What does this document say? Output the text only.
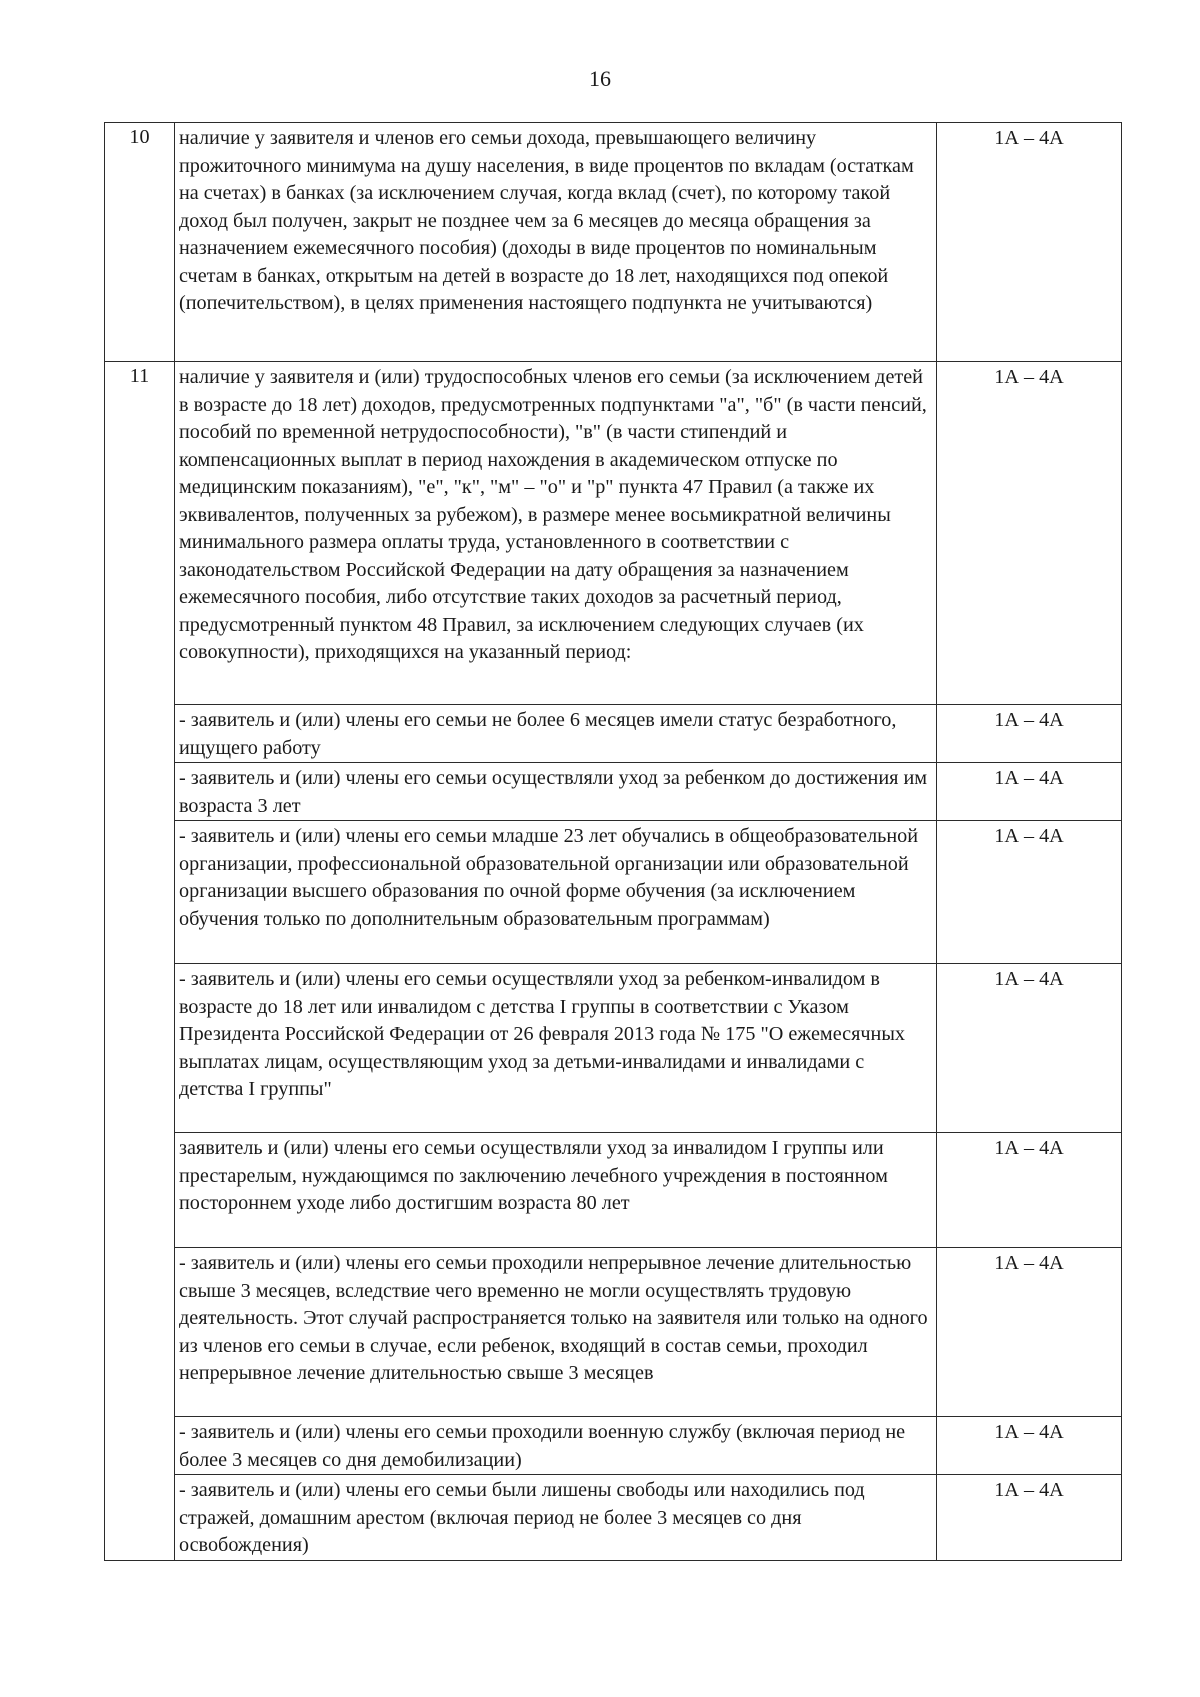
16
10	наличие у заявителя и членов его семьи дохода, превышающего величину прожиточного минимума на душу населения, в виде процентов по вкладам (остаткам на счетах) в банках (за исключением случая, когда вклад (счет), по которому такой доход был получен, закрыт не позднее чем за 6 месяцев до месяца обращения за назначением ежемесячного пособия) (доходы в виде процентов по номинальным счетам в банках, открытым на детей в возрасте до 18 лет, находящихся под опекой (попечительством), в целях применения настоящего подпункта не учитываются)	1А – 4А
11	наличие у заявителя и (или) трудоспособных членов его семьи (за исключением детей в возрасте до 18 лет) доходов, предусмотренных подпунктами "а", "б" (в части пенсий, пособий по временной нетрудоспособности), "в" (в части стипендий и компенсационных выплат в период нахождения в академическом отпуске по медицинским показаниям), "е", "к", "м" – "о" и "р" пункта 47 Правил (а также их эквивалентов, полученных за рубежом), в размере менее восьмикратной величины минимального размера оплаты труда, установленного в соответствии с законодательством Российской Федерации на дату обращения за назначением ежемесячного пособия, либо отсутствие таких доходов за расчетный период, предусмотренный пунктом 48 Правил, за исключением следующих случаев (их совокупности), приходящихся на указанный период:	1А – 4А
	- заявитель и (или) члены его семьи не более 6 месяцев имели статус безработного, ищущего работу	1А – 4А
	- заявитель и (или) члены его семьи осуществляли уход за ребенком до достижения им возраста 3 лет	1А – 4А
	- заявитель и (или) члены его семьи младше 23 лет обучались в общеобразовательной организации, профессиональной образовательной организации или образовательной организации высшего образования по очной форме обучения (за исключением обучения только по дополнительным образовательным программам)	1А – 4А
	- заявитель и (или) члены его семьи осуществляли уход за ребенком-инвалидом в возрасте до 18 лет или инвалидом с детства I группы в соответствии с Указом Президента Российской Федерации от 26 февраля 2013 года № 175 "О ежемесячных выплатах лицам, осуществляющим уход за детьми-инвалидами и инвалидами с детства I группы"	1А – 4А
	заявитель и (или) члены его семьи осуществляли уход за инвалидом I группы или престарелым, нуждающимся по заключению лечебного учреждения в постоянном постороннем уходе либо достигшим возраста 80 лет	1А – 4А
	- заявитель и (или) члены его семьи проходили непрерывное лечение длительностью свыше 3 месяцев, вследствие чего временно не могли осуществлять трудовую деятельность. Этот случай распространяется только на заявителя или только на одного из членов его семьи в случае, если ребенок, входящий в состав семьи, проходил непрерывное лечение длительностью свыше 3 месяцев	1А – 4А
	- заявитель и (или) члены его семьи проходили военную службу (включая период не более 3 месяцев со дня демобилизации)	1А – 4А
	- заявитель и (или) члены его семьи были лишены свободы или находились под стражей, домашним арестом (включая период не более 3 месяцев со дня освобождения)	1А – 4А
